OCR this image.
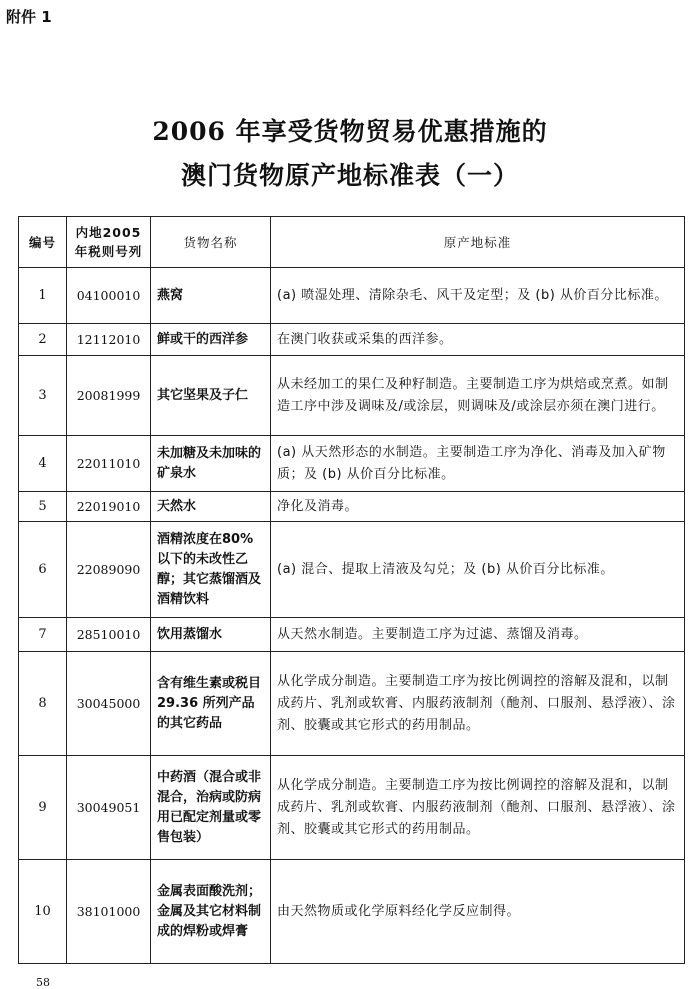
附件 1
2006 年享受货物贸易优惠措施的
澳门货物原产地标准表（一）
编号	内地2005年税则号列	货物名称	原产地标准
1	04100010	燕窝	(a) 喷湿处理、清除杂毛、风干及定型；及 (b) 从价百分比标准。
2	12112010	鲜或干的西洋参	在澳门收获或采集的西洋参。
3	20081999	其它坚果及子仁	从未经加工的果仁及种籽制造。主要制造工序为烘焙或烹煮。如制造工序中涉及调味及/或涂层，则调味及/或涂层亦须在澳门进行。
4	22011010	未加糖及未加味的矿泉水	(a) 从天然形态的水制造。主要制造工序为净化、消毒及加入矿物质；及 (b) 从价百分比标准。
5	22019010	天然水	净化及消毒。
6	22089090	酒精浓度在80%以下的未改性乙醇；其它蒸馏酒及酒精饮料	(a) 混合、提取上清液及勾兑；及 (b) 从价百分比标准。
7	28510010	饮用蒸馏水	从天然水制造。主要制造工序为过滤、蒸馏及消毒。
8	30045000	含有维生素或税目 29.36 所列产品的其它药品	从化学成分制造。主要制造工序为按比例调控的溶解及混和，以制成药片、乳剂或软膏、内服药液制剂（酏剂、口服剂、悬浮液）、涂剂、胶囊或其它形式的药用制品。
9	30049051	中药酒（混合或非混合，治病或防病用已配定剂量或零售包装）	从化学成分制造。主要制造工序为按比例调控的溶解及混和，以制成药片、乳剂或软膏、内服药液制剂（酏剂、口服剂、悬浮液）、涂剂、胶囊或其它形式的药用制品。
10	38101000	金属表面酸洗剂；金属及其它材料制成的焊粉或焊膏	由天然物质或化学原料经化学反应制得。
58
